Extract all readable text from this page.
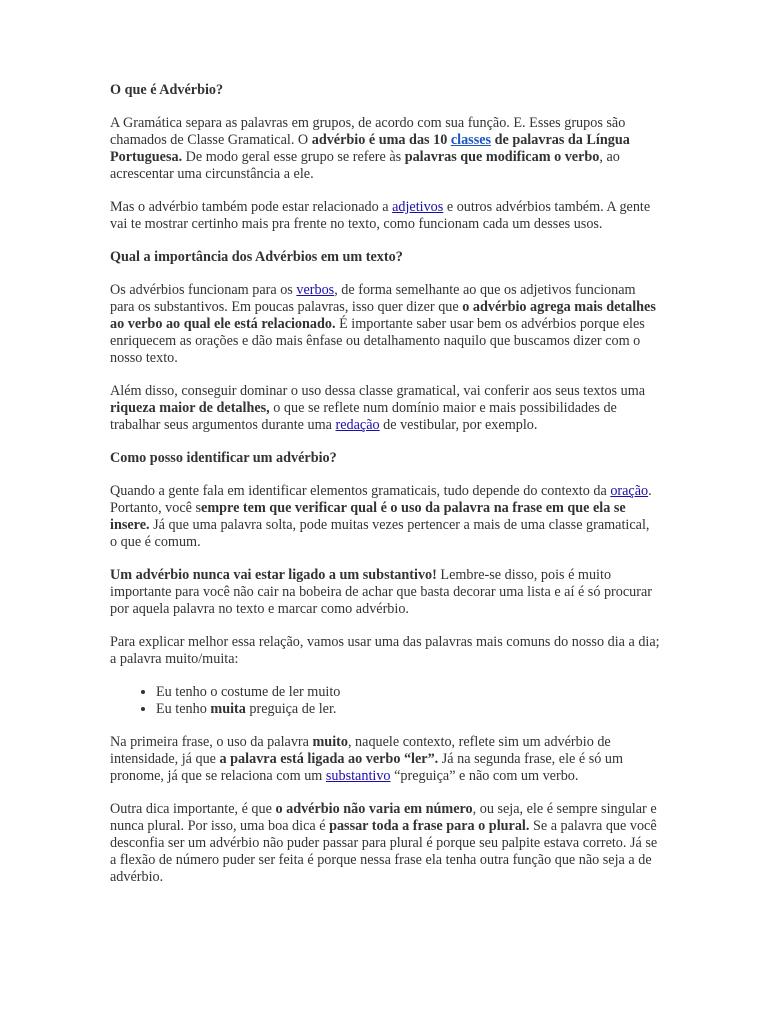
O que é Advérbio?

A Gramática separa as palavras em grupos, de acordo com sua função. E. Esses grupos são chamados de Classe Gramatical. O advérbio é uma das 10 classes de palavras da Língua Portuguesa. De modo geral esse grupo se refere às palavras que modificam o verbo, ao acrescentar uma circunstância a ele.

Mas o advérbio também pode estar relacionado a adjetivos e outros advérbios também. A gente vai te mostrar certinho mais pra frente no texto, como funcionam cada um desses usos.

Qual a importância dos Advérbios em um texto?

Os advérbios funcionam para os verbos, de forma semelhante ao que os adjetivos funcionam para os substantivos. Em poucas palavras, isso quer dizer que o advérbio agrega mais detalhes ao verbo ao qual ele está relacionado. É importante saber usar bem os advérbios porque eles enriquecem as orações e dão mais ênfase ou detalhamento naquilo que buscamos dizer com o nosso texto.

Além disso, conseguir dominar o uso dessa classe gramatical, vai conferir aos seus textos uma riqueza maior de detalhes, o que se reflete num domínio maior e mais possibilidades de trabalhar seus argumentos durante uma redação de vestibular, por exemplo.

Como posso identificar um advérbio?

Quando a gente fala em identificar elementos gramaticais, tudo depende do contexto da oração. Portanto, você sempre tem que verificar qual é o uso da palavra na frase em que ela se insere. Já que uma palavra solta, pode muitas vezes pertencer a mais de uma classe gramatical, o que é comum.

Um advérbio nunca vai estar ligado a um substantivo! Lembre-se disso, pois é muito importante para você não cair na bobeira de achar que basta decorar uma lista e aí é só procurar por aquela palavra no texto e marcar como advérbio.

Para explicar melhor essa relação, vamos usar uma das palavras mais comuns do nosso dia a dia; a palavra muito/muita:

• Eu tenho o costume de ler muito
• Eu tenho muita preguiça de ler.

Na primeira frase, o uso da palavra muito, naquele contexto, reflete sim um advérbio de intensidade, já que a palavra está ligada ao verbo “ler”. Já na segunda frase, ele é só um pronome, já que se relaciona com um substantivo “preguiça” e não com um verbo.

Outra dica importante, é que o advérbio não varia em número, ou seja, ele é sempre singular e nunca plural. Por isso, uma boa dica é passar toda a frase para o plural. Se a palavra que você desconfia ser um advérbio não puder passar para plural é porque seu palpite estava correto. Já se a flexão de número puder ser feita é porque nessa frase ela tenha outra função que não seja a de advérbio.
